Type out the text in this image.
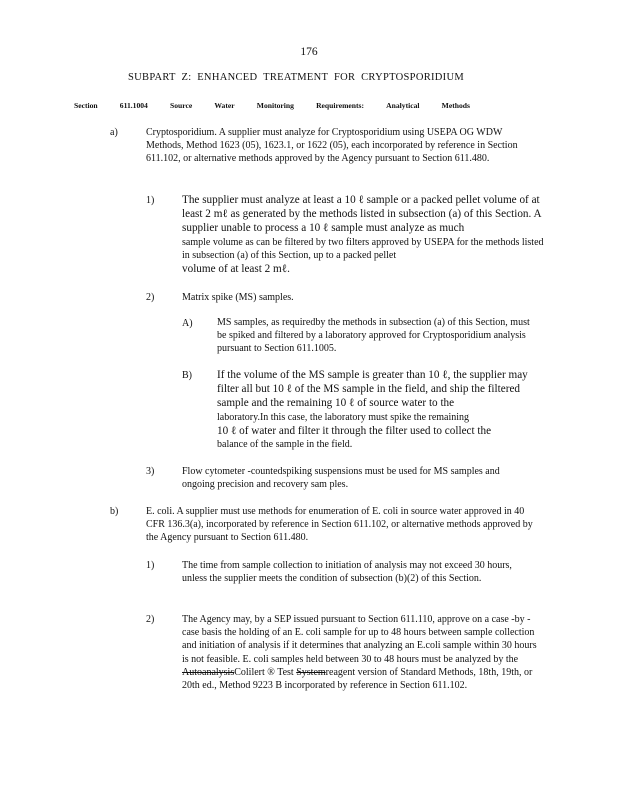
176

SUBPART Z: ENHANCED TREATMENT FOR CRYPTOSPORIDIUM
Section	611.1004	Source	Water	Monitoring	Requirements:	Analytical	Methods
a)	Cryptosporidium. A supplier must analyze for Cryptosporidium using USEPA OG WDW Methods, Method 1623 (05), 1623.1, or 1622 (05), each incorporated by reference in Section 611.102, or alternative methods approved by the Agency pursuant to Section 611.480.

1) The supplier must analyze at least a 10 ℓ sample or a packed pellet volume of at least 2 mℓ as generated by the methods listed in subsection (a) of this Section. A supplier unable to process a 10 ℓ sample must analyze as much
sample volume as can be filtered by two filters approved by USEPA for the methods listed in subsection (a) of this Section, up to a packed pellet
volume of at least 2 mℓ.
2)	Matrix spike (MS) samples.

A) MS samples, as requiredby the methods in subsection (a) of this Section, must be spiked and filtered by a laboratory approved for Cryptosporidium analysis pursuant to Section 611.1005.

B) If the volume of the MS sample is greater than 10 ℓ, the supplier may filter all but 10 ℓ of the MS sample in the field, and ship the filtered sample and the remaining 10 ℓ of source water to the
laboratory.In this case, the laboratory must spike the remaining
10 ℓ of water and filter it through the filter used to collect the
balance of the sample in the field.
3)	Flow cytometer -countedspiking suspensions must be used for MS samples and ongoing precision and recovery sam ples.

b)	E. coli. A supplier must use methods for enumeration of E. coli in source water approved in 40 CFR 136.3(a), incorporated by reference in Section 611.102, or alternative methods approved by the Agency pursuant to Section 611.480.

1)	The time from sample collection to initiation of analysis may not exceed 30 hours, unless the supplier meets the condition of subsection (b)(2) of this Section.

2)	The Agency may, by a SEP issued pursuant to Section 611.110, approve on a case -by -case basis the holding of an E. coli sample for up to 48 hours between sample collection and initiation of analysis if it determines that analyzing an E.coli sample within 30 hours is not feasible. E. coli samples held between 30 to 48 hours must be analyzed by the AutoanalysisColilert ® Test Systemreagent version of Standard Methods, 18th, 19th, or 20th ed., Method 9223 B incorporated by reference in Section 611.102.
